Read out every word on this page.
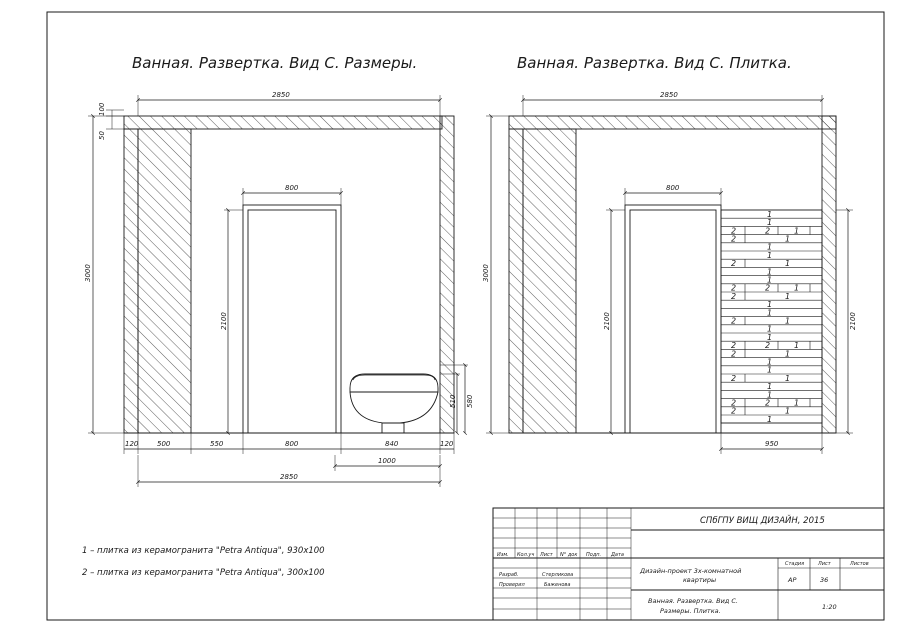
Ванная. Развертка. Вид С. Размеры.
2850
100
50
3000
800
2100
510 580
120	500	550	800	840	120
1000
2850
Ванная. Развертка. Вид С. Плитка.
1
1
2	2	1
2	1
1
1
2	1
1
1
2	2	1
2	1
1
1
2	1
1
1
2	2	1
2	1
1
1
2	1
1
1
2	2	1
2	1
1
2850
3000
800
2100	2100
950
1 – плитка из керамогранита "Petra Antiqua", 930х100
2 – плитка из керамогранита "Petra Antiqua", 300х100
СПбГПУ ВИЩ ДИЗАЙН, 2015
Изм. Кол.уч Лист N° док Подп. Дата
Разраб.	Стерликова
Проверил	Баженова
Дизайн-проект 3х-комнатной
квартиры
Стадия	Лист	Листов
АР	36
Ванная. Развертка. Вид С.
Размеры. Плитка.	1:20
